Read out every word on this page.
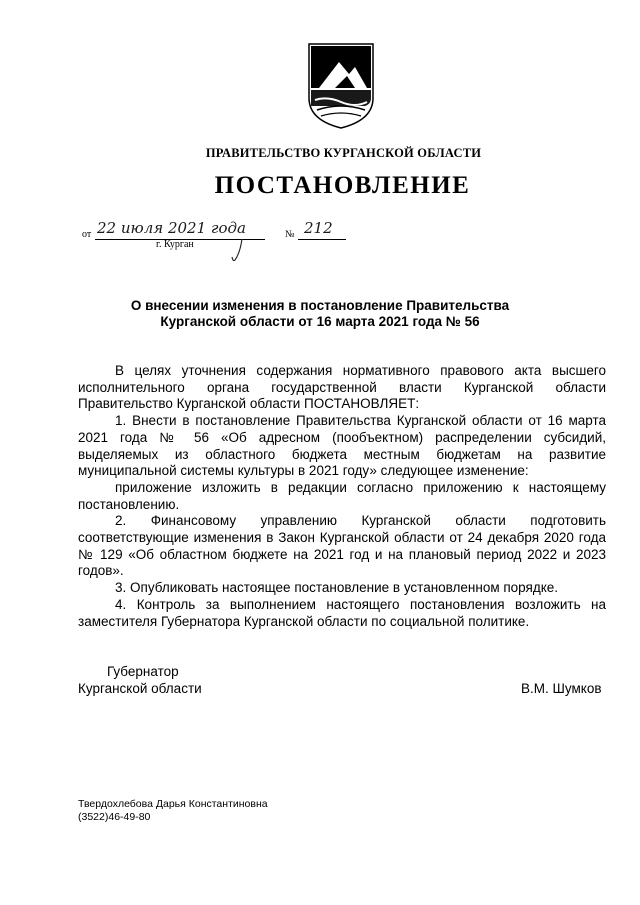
ПРАВИТЕЛЬСТВО КУРГАНСКОЙ ОБЛАСТИ
ПОСТАНОВЛЕНИЕ
от 22 июля 2021 года	№ 212
г. Курган
О внесении изменения в постановление Правительства
Курганской области от 16 марта 2021 года № 56

В целях уточнения содержания нормативного правового акта высшего исполнительного органа государственной власти Курганской области Правительство Курганской области ПОСТАНОВЛЯЕТ:

1. Внести в постановление Правительства Курганской области от 16 марта 2021 года № 56 «Об адресном (пообъектном) распределении субсидий, выделяемых из областного бюджета местным бюджетам на развитие муниципальной системы культуры в 2021 году» следующее изменение:

приложение изложить в редакции согласно приложению к настоящему постановлению.

2. Финансовому управлению Курганской области подготовить соответствующие изменения в Закон Курганской области от 24 декабря 2020 года № 129 «Об областном бюджете на 2021 год и на плановый период 2022 и 2023 годов».

3. Опубликовать настоящее постановление в установленном порядке.

4. Контроль за выполнением настоящего постановления возложить на заместителя Губернатора Курганской области по социальной политике.

Губернатор
Курганской области	В.М. Шумков
Твердохлебова Дарья Константиновна
(3522)46-49-80
